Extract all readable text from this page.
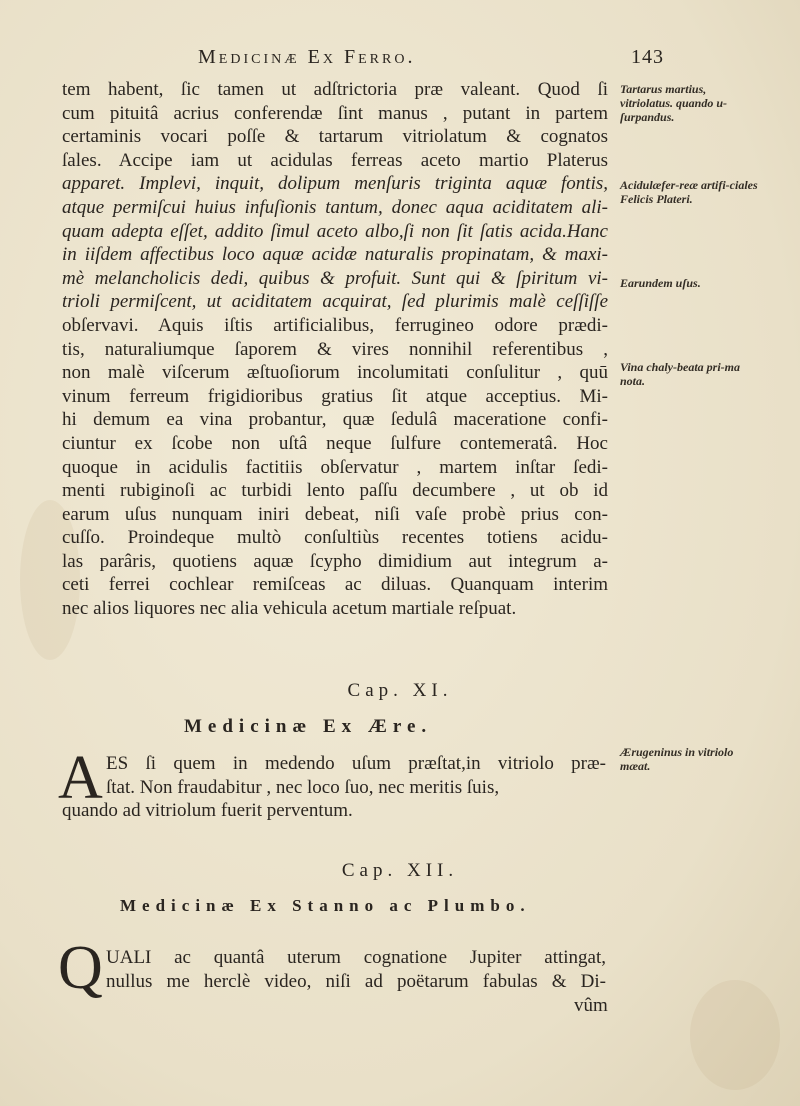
Medicinæ Ex Ferro.	143
tem habent, ſic tamen ut adſtrictoria præ valeant. Quod ſi
cum pituitâ acrius conferendæ ſint manus , putant in partem
certaminis vocari poſſe & tartarum vitriolatum & cognatos
ſales. Accipe iam ut acidulas ferreas aceto martio Platerus
apparet. Implevi, inquit, dolipum menſuris triginta aquæ fontis,
atque permiſcui huius infuſionis tantum, donec aqua aciditatem ali-
quam adepta eſſet, addito ſimul aceto albo,ſi non ſit ſatis acida.Hanc
in iiſdem affectibus loco aquæ acidæ naturalis propinatam, & maxi-
mè melancholicis dedi, quibus & profuit. Sunt qui & ſpiritum vi-
trioli permiſcent, ut aciditatem acquirat, ſed plurimis malè ceſſiſſe
obſervavi. Aquis iſtis artificialibus, ferrugineo odore prædi-
tis, naturaliumque ſaporem & vires nonnihil referentibus ,
non malè viſcerum æſtuoſiorum incolumitati conſulitur , quū
vinum ferreum frigidioribus gratius ſit atque acceptius. Mi-
hi demum ea vina probantur, quæ ſedulâ maceratione confi-
ciuntur ex ſcobe non uſtâ neque ſulfure contemeratâ. Hoc
quoque in acidulis factitiis obſervatur , martem inſtar ſedi-
menti rubiginoſi ac turbidi lento paſſu decumbere , ut ob id
earum uſus nunquam iniri debeat, niſi vaſe probè prius con-
cuſſo. Proindeque multò conſultiùs recentes totiens acidu-
las parâris, quotiens aquæ ſcypho dimidium aut integrum a-
ceti ferrei cochlear remiſceas ac diluas. Quanquam interim
nec alios liquores nec alia vehicula acetum martiale reſpuat.
Tartarus martius, vitriolatus. quando u-ſurpandus.
Acidulæfer-reæ artifi-ciales Felicis Plateri.
Earundem uſus.
Vina chaly-beata pri-ma nota.
Ærugeninus in vitriolo mæat.
Cap. XI.
Medicinæ Ex Ære.
A ES ſi quem in medendo uſum præſtat,in vitriolo præ-
ſtat. Non fraudabitur , nec loco ſuo, nec meritis ſuis,
quando ad vitriolum fuerit perventum.
Cap. XII.
Medicinæ Ex Stanno ac Plumbo.
Q UALI ac quantâ uterum cognatione Jupiter attingat,
nullus me herclè video, niſi ad poëtarum fabulas & Di-
vûm
